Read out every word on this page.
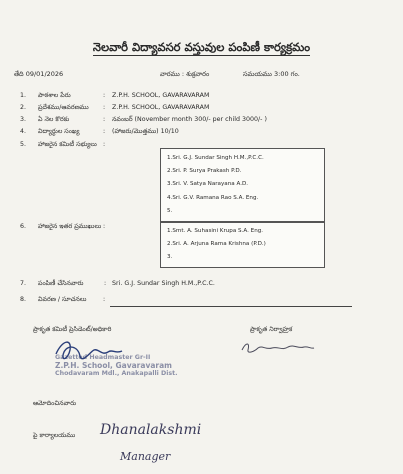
నెలవారీ విద్యావసర వస్తువుల పంపిణీ కార్యక్రమం
తేది 09/01/2026	వారము : శుక్రవారం	సమయము 3:00 గం.
1. పాఠశాల పేరు	: Z.P.H. SCHOOL, GAVARAVARAM
2. ప్రదేశము/ఆవరణము : Z.P.H. SCHOOL, GAVARAVARAM
3. ఏ నెల కొరకు	: నవంబర్ (November month 300/- per child 3000/- )
4. విద్యార్థుల సంఖ్య	: (హాజరు/మొత్తము) 10/10
5. హాజరైన కమిటీ సభ్యులు :
1.Sri. G.J. Sundar Singh H.M.,P.C.C.
2.Sri. P. Surya Prakash P.D.
3.Sri. V. Satya Narayana A.D.
4.Sri. G.V. Ramana Rao S.A. Eng.
5.
6. హాజరైన ఇతర ప్రముఖులు :
1.Smt. A. Suhasini Krupa S.A. Eng.
2.Sri. A. Arjuna Rama Krishna (P.D.)
3.
7. పంపిణీ చేసినవారు	: Sri. G.J. Sundar Singh H.M.,P.C.C.
8. వివరణ / సూచనలు	:
ప్రాకృత కమిటీ ప్రెసిడెంట్/అధికారి	ప్రాకృత నిర్వాహ్రక
Gazetted Headmaster Gr-II
Z.P.H. School, Gavaravaram
Chodavaram Mdl., Anakapalli Dist.
ఆమోదించినవారు
పై కార్యాలయము Dhanalakshmi
Manager
